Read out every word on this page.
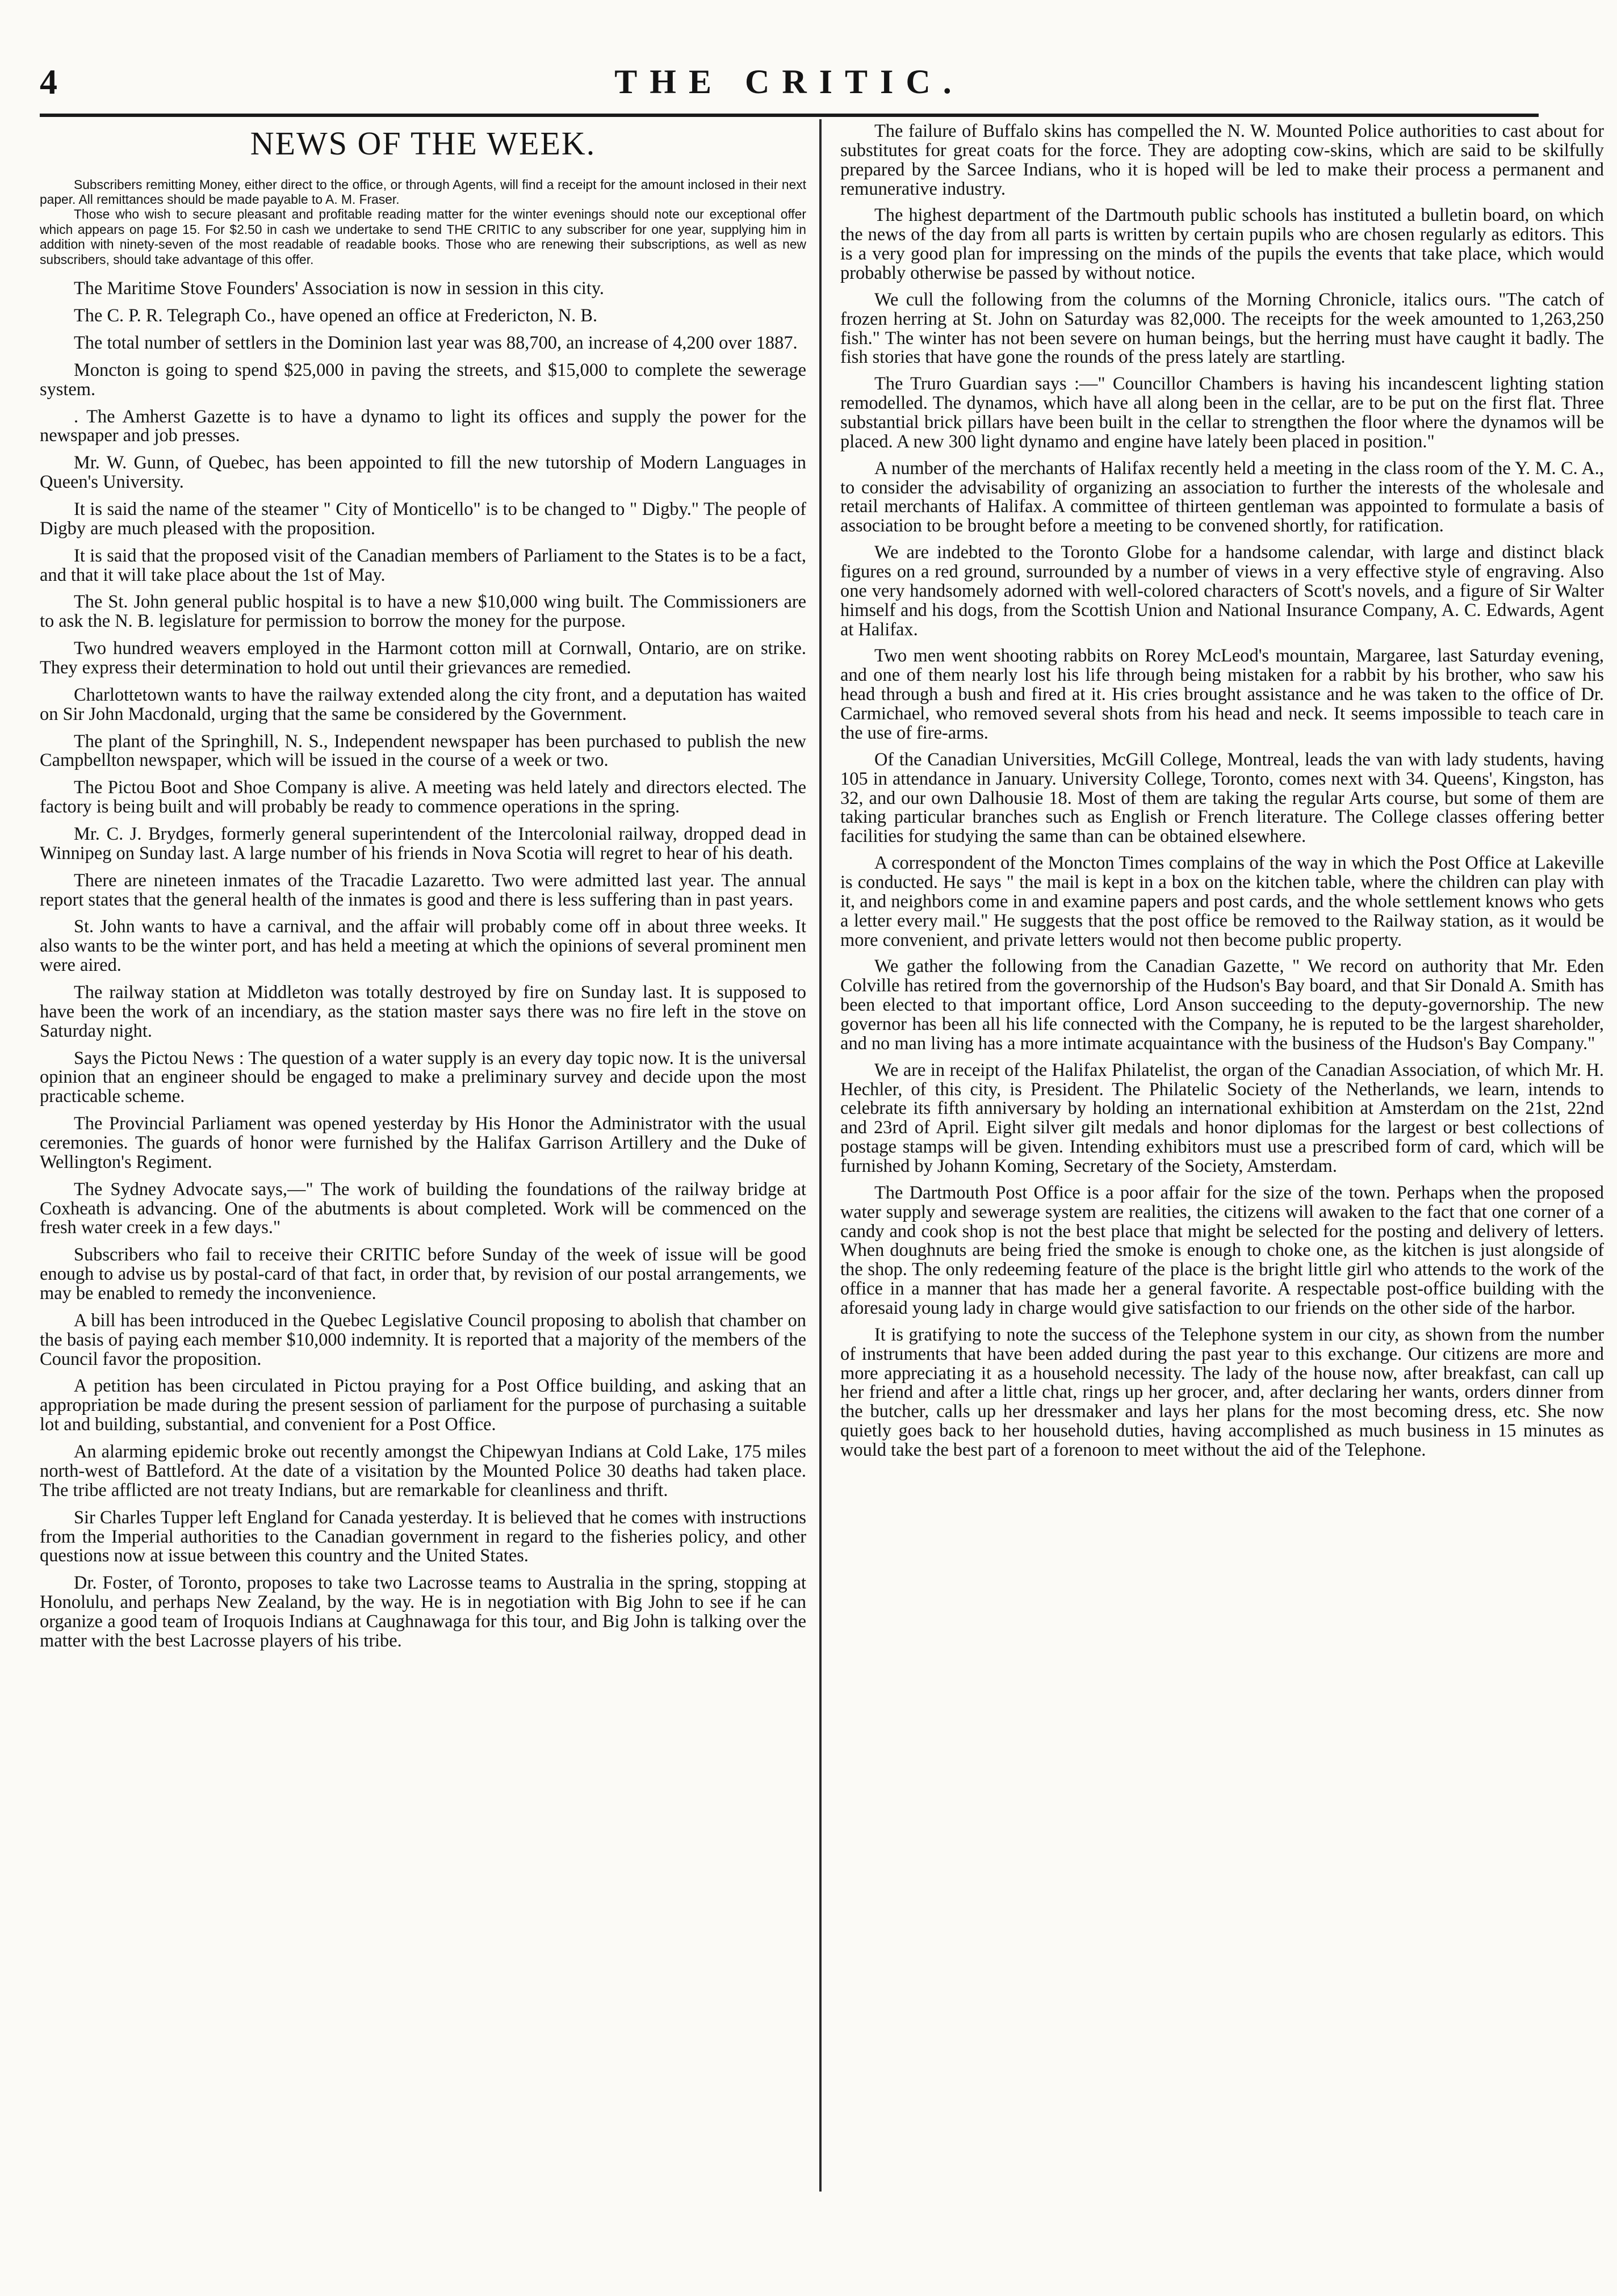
THE CRITIC.
4
NEWS OF THE WEEK.

Subscribers remitting Money, either direct to the office, or through Agents, will find a receipt for the amount inclosed in their next paper. All remittances should be made payable to A. M. Fraser.

Those who wish to secure pleasant and profitable reading matter for the winter evenings should note our exceptional offer which appears on page 15. For $2.50 in cash we undertake to send THE CRITIC to any subscriber for one year, supplying him in addition with ninety-seven of the most readable of readable books. Those who are renewing their subscriptions, as well as new subscribers, should take advantage of this offer.

The Maritime Stove Founders' Association is now in session in this city.

The C. P. R. Telegraph Co., have opened an office at Fredericton, N. B.

The total number of settlers in the Dominion last year was 88,700, an increase of 4,200 over 1887.

Moncton is going to spend $25,000 in paving the streets, and $15,000 to complete the sewerage system.

. The Amherst Gazette is to have a dynamo to light its offices and supply the power for the newspaper and job presses.

Mr. W. Gunn, of Quebec, has been appointed to fill the new tutorship of Modern Languages in Queen's University.

It is said the name of the steamer " City of Monticello" is to be changed to " Digby." The people of Digby are much pleased with the proposition.

It is said that the proposed visit of the Canadian members of Parliament to the States is to be a fact, and that it will take place about the 1st of May.

The St. John general public hospital is to have a new $10,000 wing built. The Commissioners are to ask the N. B. legislature for permission to borrow the money for the purpose.

Two hundred weavers employed in the Harmont cotton mill at Cornwall, Ontario, are on strike. They express their determination to hold out until their grievances are remedied.

Charlottetown wants to have the railway extended along the city front, and a deputation has waited on Sir John Macdonald, urging that the same be considered by the Government.

The plant of the Springhill, N. S., Independent newspaper has been purchased to publish the new Campbellton newspaper, which will be issued in the course of a week or two.

The Pictou Boot and Shoe Company is alive. A meeting was held lately and directors elected. The factory is being built and will probably be ready to commence operations in the spring.

Mr. C. J. Brydges, formerly general superintendent of the Intercolonial railway, dropped dead in Winnipeg on Sunday last. A large number of his friends in Nova Scotia will regret to hear of his death.

There are nineteen inmates of the Tracadie Lazaretto. Two were admitted last year. The annual report states that the general health of the inmates is good and there is less suffering than in past years.

St. John wants to have a carnival, and the affair will probably come off in about three weeks. It also wants to be the winter port, and has held a meeting at which the opinions of several prominent men were aired.

The railway station at Middleton was totally destroyed by fire on Sunday last. It is supposed to have been the work of an incendiary, as the station master says there was no fire left in the stove on Saturday night.

Says the Pictou News : The question of a water supply is an every day topic now. It is the universal opinion that an engineer should be engaged to make a preliminary survey and decide upon the most practicable scheme.

The Provincial Parliament was opened yesterday by His Honor the Administrator with the usual ceremonies. The guards of honor were furnished by the Halifax Garrison Artillery and the Duke of Wellington's Regiment.

The Sydney Advocate says,—" The work of building the foundations of the railway bridge at Coxheath is advancing. One of the abutments is about completed. Work will be commenced on the fresh water creek in a few days."

Subscribers who fail to receive their CRITIC before Sunday of the week of issue will be good enough to advise us by postal-card of that fact, in order that, by revision of our postal arrangements, we may be enabled to remedy the inconvenience.

A bill has been introduced in the Quebec Legislative Council proposing to abolish that chamber on the basis of paying each member $10,000 indemnity. It is reported that a majority of the members of the Council favor the proposition.

A petition has been circulated in Pictou praying for a Post Office building, and asking that an appropriation be made during the present session of parliament for the purpose of purchasing a suitable lot and building, substantial, and convenient for a Post Office.

An alarming epidemic broke out recently amongst the Chipewyan Indians at Cold Lake, 175 miles north-west of Battleford. At the date of a visitation by the Mounted Police 30 deaths had taken place. The tribe afflicted are not treaty Indians, but are remarkable for cleanliness and thrift.

Sir Charles Tupper left England for Canada yesterday. It is believed that he comes with instructions from the Imperial authorities to the Canadian government in regard to the fisheries policy, and other questions now at issue between this country and the United States.

Dr. Foster, of Toronto, proposes to take two Lacrosse teams to Australia in the spring, stopping at Honolulu, and perhaps New Zealand, by the way. He is in negotiation with Big John to see if he can organize a good team of Iroquois Indians at Caughnawaga for this tour, and Big John is talking over the matter with the best Lacrosse players of his tribe.

The failure of Buffalo skins has compelled the N. W. Mounted Police authorities to cast about for substitutes for great coats for the force. They are adopting cow-skins, which are said to be skilfully prepared by the Sarcee Indians, who it is hoped will be led to make their process a permanent and remunerative industry.

The highest department of the Dartmouth public schools has instituted a bulletin board, on which the news of the day from all parts is written by certain pupils who are chosen regularly as editors. This is a very good plan for impressing on the minds of the pupils the events that take place, which would probably otherwise be passed by without notice.

We cull the following from the columns of the Morning Chronicle, italics ours. "The catch of frozen herring at St. John on Saturday was 82,000. The receipts for the week amounted to 1,263,250 fish." The winter has not been severe on human beings, but the herring must have caught it badly. The fish stories that have gone the rounds of the press lately are startling.

The Truro Guardian says :—" Councillor Chambers is having his incandescent lighting station remodelled. The dynamos, which have all along been in the cellar, are to be put on the first flat. Three substantial brick pillars have been built in the cellar to strengthen the floor where the dynamos will be placed. A new 300 light dynamo and engine have lately been placed in position."

A number of the merchants of Halifax recently held a meeting in the class room of the Y. M. C. A., to consider the advisability of organizing an association to further the interests of the wholesale and retail merchants of Halifax. A committee of thirteen gentleman was appointed to formulate a basis of association to be brought before a meeting to be convened shortly, for ratification.

We are indebted to the Toronto Globe for a handsome calendar, with large and distinct black figures on a red ground, surrounded by a number of views in a very effective style of engraving. Also one very handsomely adorned with well-colored characters of Scott's novels, and a figure of Sir Walter himself and his dogs, from the Scottish Union and National Insurance Company, A. C. Edwards, Agent at Halifax.

Two men went shooting rabbits on Rorey McLeod's mountain, Margaree, last Saturday evening, and one of them nearly lost his life through being mistaken for a rabbit by his brother, who saw his head through a bush and fired at it. His cries brought assistance and he was taken to the office of Dr. Carmichael, who removed several shots from his head and neck. It seems impossible to teach care in the use of fire-arms.

Of the Canadian Universities, McGill College, Montreal, leads the van with lady students, having 105 in attendance in January. University College, Toronto, comes next with 34. Queens', Kingston, has 32, and our own Dalhousie 18. Most of them are taking the regular Arts course, but some of them are taking particular branches such as English or French literature. The College classes offering better facilities for studying the same than can be obtained elsewhere.

A correspondent of the Moncton Times complains of the way in which the Post Office at Lakeville is conducted. He says " the mail is kept in a box on the kitchen table, where the children can play with it, and neighbors come in and examine papers and post cards, and the whole settlement knows who gets a letter every mail." He suggests that the post office be removed to the Railway station, as it would be more convenient, and private letters would not then become public property.

We gather the following from the Canadian Gazette, " We record on authority that Mr. Eden Colville has retired from the governorship of the Hudson's Bay board, and that Sir Donald A. Smith has been elected to that important office, Lord Anson succeeding to the deputy-governorship. The new governor has been all his life connected with the Company, he is reputed to be the largest shareholder, and no man living has a more intimate acquaintance with the business of the Hudson's Bay Company."

We are in receipt of the Halifax Philatelist, the organ of the Canadian Association, of which Mr. H. Hechler, of this city, is President. The Philatelic Society of the Netherlands, we learn, intends to celebrate its fifth anniversary by holding an international exhibition at Amsterdam on the 21st, 22nd and 23rd of April. Eight silver gilt medals and honor diplomas for the largest or best collections of postage stamps will be given. Intending exhibitors must use a prescribed form of card, which will be furnished by Johann Koming, Secretary of the Society, Amsterdam.

The Dartmouth Post Office is a poor affair for the size of the town. Perhaps when the proposed water supply and sewerage system are realities, the citizens will awaken to the fact that one corner of a candy and cook shop is not the best place that might be selected for the posting and delivery of letters. When doughnuts are being fried the smoke is enough to choke one, as the kitchen is just alongside of the shop. The only redeeming feature of the place is the bright little girl who attends to the work of the office in a manner that has made her a general favorite. A respectable post-office building with the aforesaid young lady in charge would give satisfaction to our friends on the other side of the harbor.

It is gratifying to note the success of the Telephone system in our city, as shown from the number of instruments that have been added during the past year to this exchange. Our citizens are more and more appreciating it as a household necessity. The lady of the house now, after breakfast, can call up her friend and after a little chat, rings up her grocer, and, after declaring her wants, orders dinner from the butcher, calls up her dressmaker and lays her plans for the most becoming dress, etc. She now quietly goes back to her household duties, having accomplished as much business in 15 minutes as would take the best part of a forenoon to meet without the aid of the Telephone.
